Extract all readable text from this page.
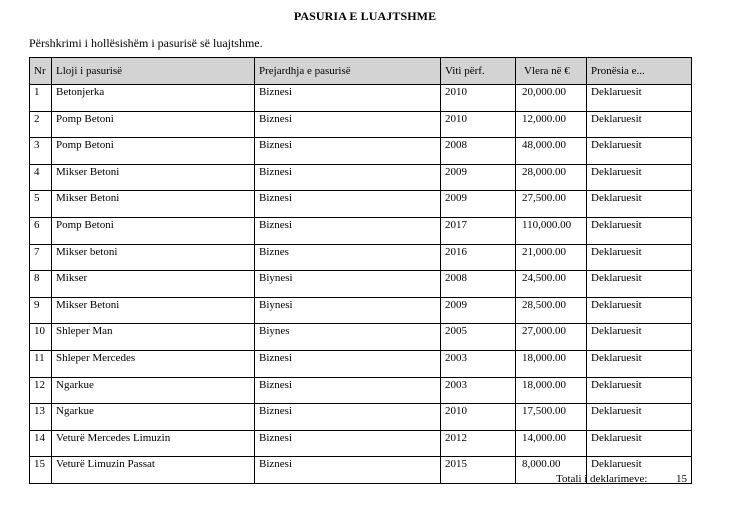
PASURIA E LUAJTSHME
Përshkrimi i hollësishëm i pasurisë së luajtshme.
Nr	Lloji i pasurisë	Prejardhja e pasurisë	Viti përf.	Vlera në €	Pronësia e...
1	Betonjerka	Biznesi	2010	20,000.00	Deklaruesit
2	Pomp Betoni	Biznesi	2010	12,000.00	Deklaruesit
3	Pomp Betoni	Biznesi	2008	48,000.00	Deklaruesit
4	Mikser Betoni	Biznesi	2009	28,000.00	Deklaruesit
5	Mikser Betoni	Biznesi	2009	27,500.00	Deklaruesit
6	Pomp Betoni	Biznesi	2017	110,000.00	Deklaruesit
7	Mikser betoni	Biznes	2016	21,000.00	Deklaruesit
8	Mikser	Biynesi	2008	24,500.00	Deklaruesit
9	Mikser Betoni	Biynesi	2009	28,500.00	Deklaruesit
10	Shleper Man	Biynes	2005	27,000.00	Deklaruesit
11	Shleper Mercedes	Biznesi	2003	18,000.00	Deklaruesit
12	Ngarkue	Biznesi	2003	18,000.00	Deklaruesit
13	Ngarkue	Biznesi	2010	17,500.00	Deklaruesit
14	Veturë Mercedes Limuzin	Biznesi	2012	14,000.00	Deklaruesit
15	Veturë Limuzin Passat	Biznesi	2015	8,000.00	Deklaruesit
Totali i deklarimeve:	15
